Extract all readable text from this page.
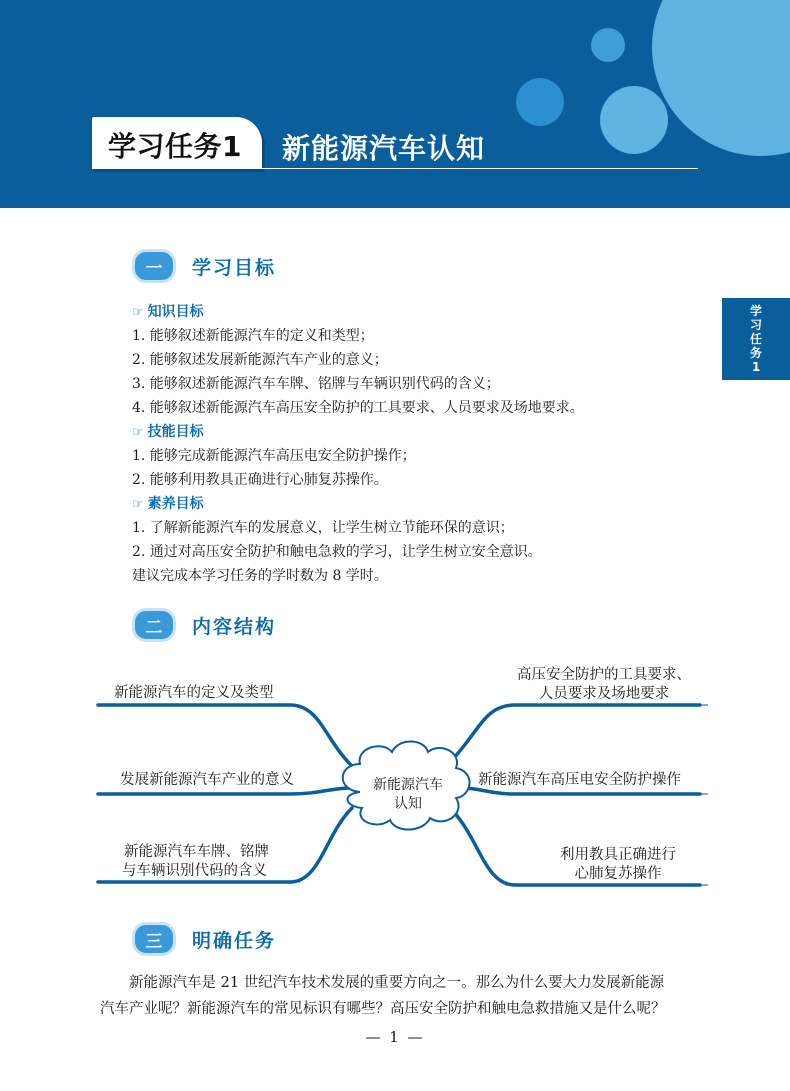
学习任务1 新能源汽车认知
学
习
任
务
1
一	学习目标
☞ 知识目标
1. 能够叙述新能源汽车的定义和类型；
2. 能够叙述发展新能源汽车产业的意义；
3. 能够叙述新能源汽车车牌、铭牌与车辆识别代码的含义；
4. 能够叙述新能源汽车高压安全防护的工具要求、人员要求及场地要求。
☞ 技能目标
1. 能够完成新能源汽车高压电安全防护操作；
2. 能够利用教具正确进行心肺复苏操作。
☞ 素养目标
1. 了解新能源汽车的发展意义，让学生树立节能环保的意识；
2. 通过对高压安全防护和触电急救的学习，让学生树立安全意识。
建议完成本学习任务的学时数为 8 学时。
二	内容结构
新能源汽车
认知
新能源汽车的定义及类型
发展新能源汽车产业的意义
新能源汽车车牌、铭牌
与车辆识别代码的含义
高压安全防护的工具要求、
人员要求及场地要求
新能源汽车高压电安全防护操作
利用教具正确进行
心肺复苏操作
三	明确任务
新能源汽车是 21 世纪汽车技术发展的重要方向之一。那么为什么要大力发展新能源
汽车产业呢？新能源汽车的常见标识有哪些？高压安全防护和触电急救措施又是什么呢？
— 1 —
